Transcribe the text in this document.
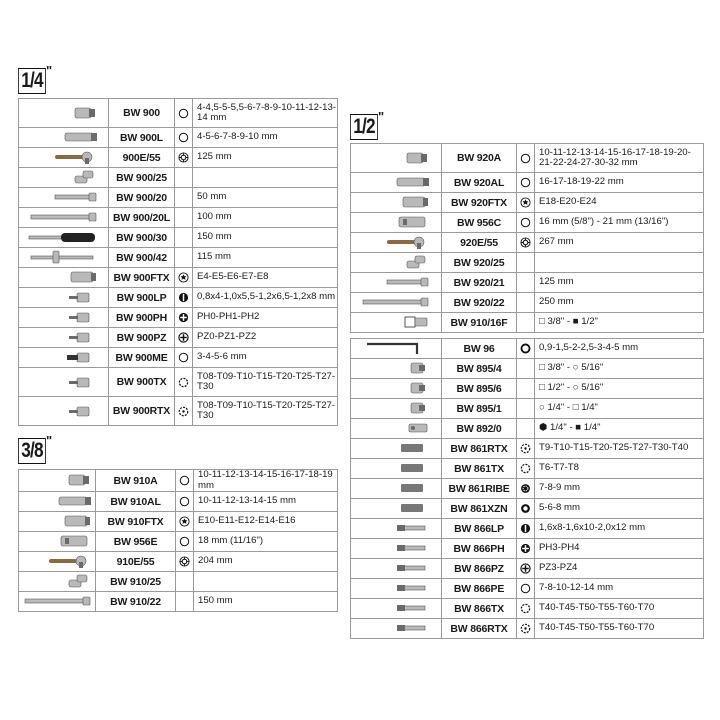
1/4 "
1/2 "
3/8 "
	BW 900		4-4,5-5-5,5-6-7-8-9-10-11-12-13-14 mm
	BW 900L		4-5-6-7-8-9-10 mm
	900E/55		125 mm
	BW 900/25		
	BW 900/20		50 mm
	BW 900/20L		100 mm
	BW 900/30		150 mm
	BW 900/42		115 mm
	BW 900FTX		E4-E5-E6-E7-E8
	BW 900LP		0,8x4-1,0x5,5-1,2x6,5-1,2x8 mm
	BW 900PH		PH0-PH1-PH2
	BW 900PZ		PZ0-PZ1-PZ2
	BW 900ME		3-4-5-6 mm
	BW 900TX		T08-T09-T10-T15-T20-T25-T27-T30
	BW 900RTX		T08-T09-T10-T15-T20-T25-T27-T30
	BW 910A		10-11-12-13-14-15-16-17-18-19 mm
	BW 910AL		10-11-12-13-14-15 mm
	BW 910FTX		E10-E11-E12-E14-E16
	BW 956E		18 mm (11/16")
	910E/55		204 mm
	BW 910/25		
	BW 910/22		150 mm
	BW 920A		10-11-12-13-14-15-16-17-18-19-20-21-22-24-27-30-32 mm
	BW 920AL		16-17-18-19-22 mm
	BW 920FTX		E18-E20-E24
	BW 956C		16 mm (5/8") - 21 mm (13/16")
	920E/55		267 mm
	BW 920/25		
	BW 920/21		125 mm
	BW 920/22		250 mm
	BW 910/16F		□ 3/8" - ■ 1/2"
	BW 96		0,9-1,5-2-2,5-3-4-5 mm
	BW 895/4		□ 3/8" - ○ 5/16"
	BW 895/6		□ 1/2" - ○ 5/16"
	BW 895/1		○ 1/4" - □ 1/4"
	BW 892/0		⬢ 1/4" - ■ 1/4"
	BW 861RTX		T9-T10-T15-T20-T25-T27-T30-T40
	BW 861TX		T6-T7-T8
	BW 861RIBE		7-8-9 mm
	BW 861XZN		5-6-8 mm
	BW 866LP		1,6x8-1,6x10-2,0x12 mm
	BW 866PH		PH3-PH4
	BW 866PZ		PZ3-PZ4
	BW 866PE		7-8-10-12-14 mm
	BW 866TX		T40-T45-T50-T55-T60-T70
	BW 866RTX		T40-T45-T50-T55-T60-T70
